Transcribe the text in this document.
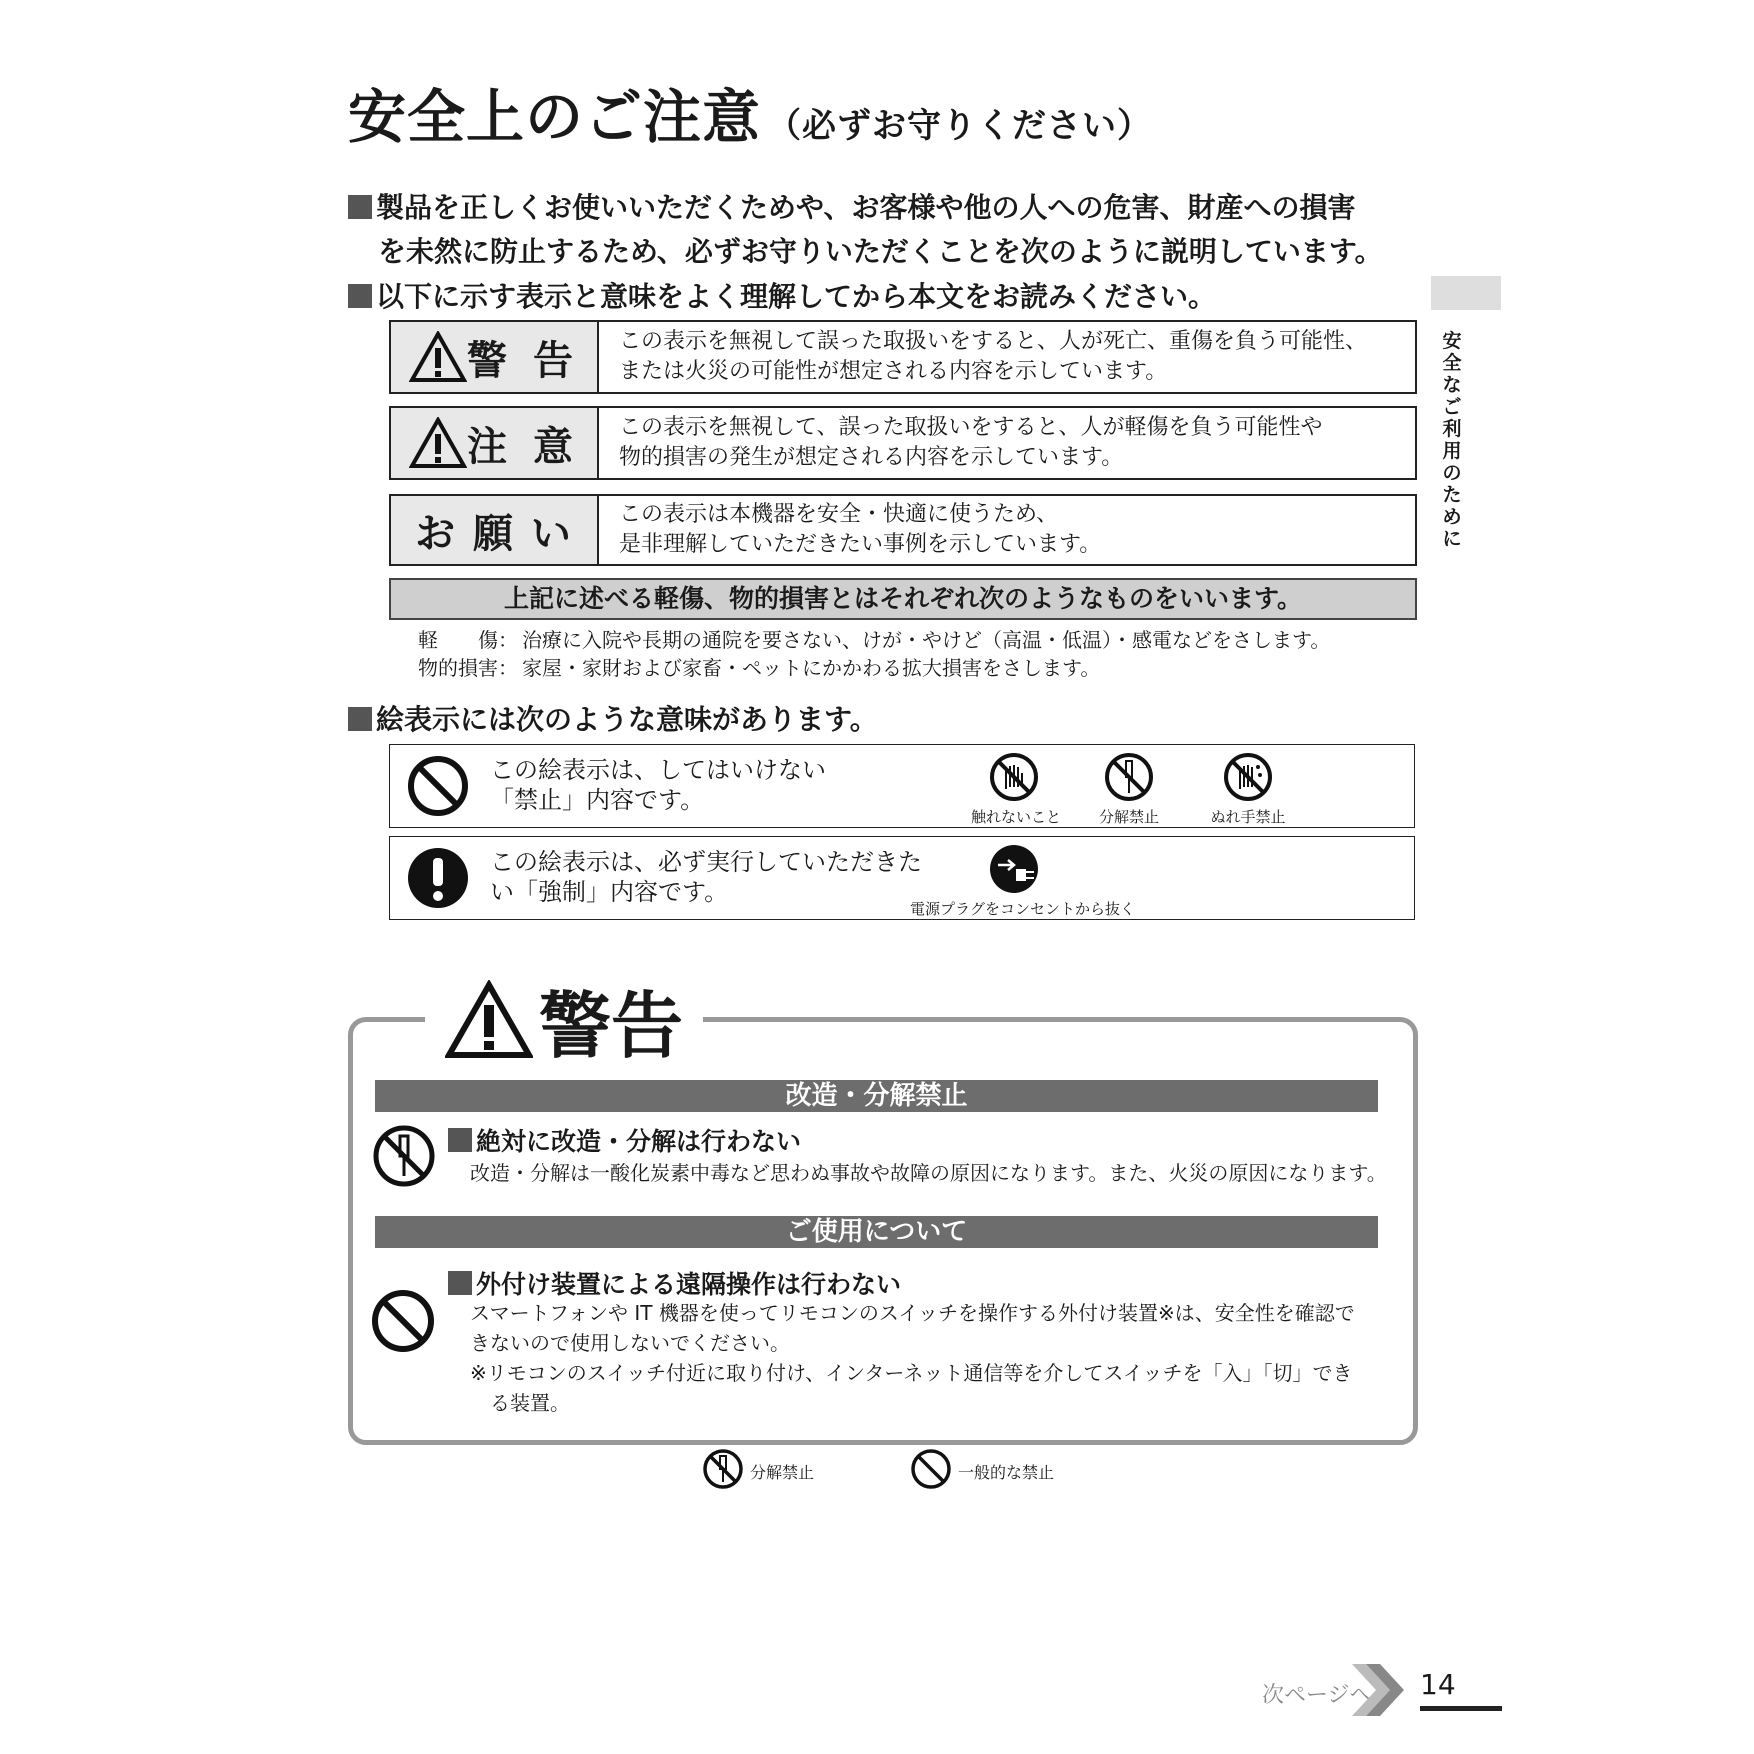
安全上のご注意 （必ずお守りください）
安全なご利用のために
製品を正しくお使いいただくためや、お客様や他の人への危害、財産への損害
を未然に防止するため、必ずお守りいただくことを次のように説明しています。
以下に示す表示と意味をよく理解してから本文をお読みください。
警 告 この表示を無視して誤った取扱いをすると、人が死亡、重傷を負う可能性、
または火災の可能性が想定される内容を示しています。
注 意 この表示を無視して、誤った取扱いをすると、人が軽傷を負う可能性や
物的損害の発生が想定される内容を示しています。
お 願 い この表示は本機器を安全・快適に使うため、
是非理解していただきたい事例を示しています。
上記に述べる軽傷、物的損害とはそれぞれ次のようなものをいいます。
軽　　傷： 治療に入院や長期の通院を要さない、けが・やけど（高温・低温）・感電などをさします。
物的損害： 家屋・家財および家畜・ペットにかかわる拡大損害をさします。
絵表示には次のような意味があります。
この絵表示は、してはいけない
「禁止」内容です。
触れないこと	分解禁止	ぬれ手禁止
この絵表示は、必ず実行していただきた
い「強制」内容です。
電源プラグをコンセントから抜く
警告
改造・分解禁止
絶対に改造・分解は行わない
改造・分解は一酸化炭素中毒など思わぬ事故や故障の原因になります。また、火災の原因になります。
ご使用について
外付け装置による遠隔操作は行わない
スマートフォンや IT 機器を使ってリモコンのスイッチを操作する外付け装置※は、安全性を確認で
きないので使用しないでください。
※リモコンのスイッチ付近に取り付け、インターネット通信等を介してスイッチを「入」「切」でき
　る装置。
分解禁止	一般的な禁止
次ページへ 14
